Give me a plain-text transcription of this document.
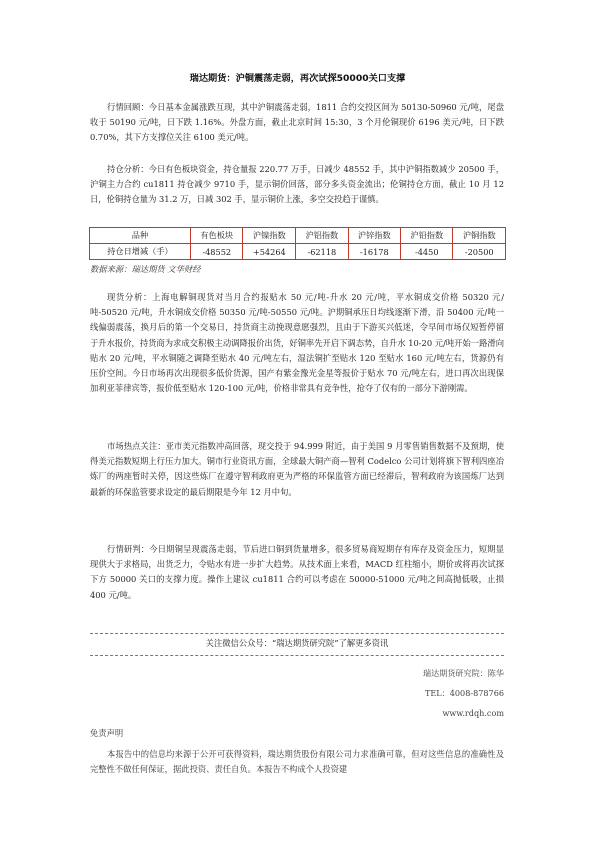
瑞达期货：沪铜震荡走弱，再次试探50000关口支撑

行情回顾：今日基本金属涨跌互现，其中沪铜震荡走弱，1811 合约交投区间为 50130-50960 元/吨，尾盘收于 50190 元/吨，日下跌 1.16%。外盘方面，截止北京时间 15:30，3 个月伦铜现价 6196 美元/吨，日下跌 0.70%，其下方支撑位关注 6100 美元/吨。

持仓分析：今日有色板块资金，持仓量报 220.77 万手，日减少 48552 手，其中沪铜指数减少 20500 手，沪铜主力合约 cu1811 持仓减少 9710 手，显示铜价回落，部分多头资金流出；伦铜持仓方面，截止 10 月 12 日，伦铜持仓量为 31.2 万，日减 302 手，显示铜价上涨，多空交投趋于谨慎。

品种	有色板块	沪镍指数	沪铝指数	沪锌指数	沪铅指数	沪铜指数
持仓日增减（手）	-48552	+54264	-62118	-16178	-4450	-20500
数据来源：瑞达期货 文华财经

现货分析：上海电解铜现货对当月合约报贴水 50 元/吨-升水 20 元/吨，平水铜成交价格 50320 元/吨-50520 元/吨，升水铜成交价格 50350 元/吨-50550 元/吨。沪期铜承压日均线逐渐下滑，沿 50400 元/吨一线偏弱震荡，换月后的第一个交易日，持货商主动挽现意愿强烈，且由于下游买兴低迷，令早间市场仅短暂停留于升水报价，持货商为求成交积极主动调降报价出货，好铜率先开启下调态势，自升水 10-20 元/吨开始一路滑向贴水 20 元/吨，平水铜随之调降至贴水 40 元/吨左右，湿法铜扩至贴水 120 至贴水 160 元/吨左右，货源仍有压价空间。今日市场再次出现很多低价货源，国产有紫金豫光金星等报价于贴水 70 元/吨左右，进口再次出现保加利亚菲律宾等，报价低至贴水 120-100 元/吨，价格非常具有竞争性，抢夺了仅有的一部分下游刚需。

市场热点关注：亚市美元指数冲高回落，现交投于 94.999 附近，由于美国 9 月零售销售数据不及预期，使得美元指数短期上行压力加大。铜市行业资讯方面，全球最大铜产商—智利 Codelco 公司计划将旗下智利四座冶炼厂的两座暂时关停，因这些炼厂在遵守智利政府更为严格的环保监管方面已经滞后，智利政府为该国炼厂达到最新的环保监管要求设定的最后期限是今年 12 月中旬。

行情研判：今日期铜呈现震荡走弱，节后进口铜到货量增多，很多贸易商短期存有库存及资金压力，短期显现供大于求格局，出货乏力，令贴水有进一步扩大趋势。从技术面上来看，MACD 红柱缩小，期价或将再次试探下方 50000 关口的支撑力度。操作上建议 cu1811 合约可以考虑在 50000-51000 元/吨之间高抛低吸，止损 400 元/吨。

关注微信公众号：“瑞达期货研究院”了解更多资讯
瑞达期货研究院：陈华
TEL：4008-878766
www.rdqh.com
免责声明

本报告中的信息均来源于公开可获得资料，瑞达期货股份有限公司力求准确可靠，但对这些信息的准确性及完整性不做任何保证，据此投资、责任自负。本报告不构成个人投资建
